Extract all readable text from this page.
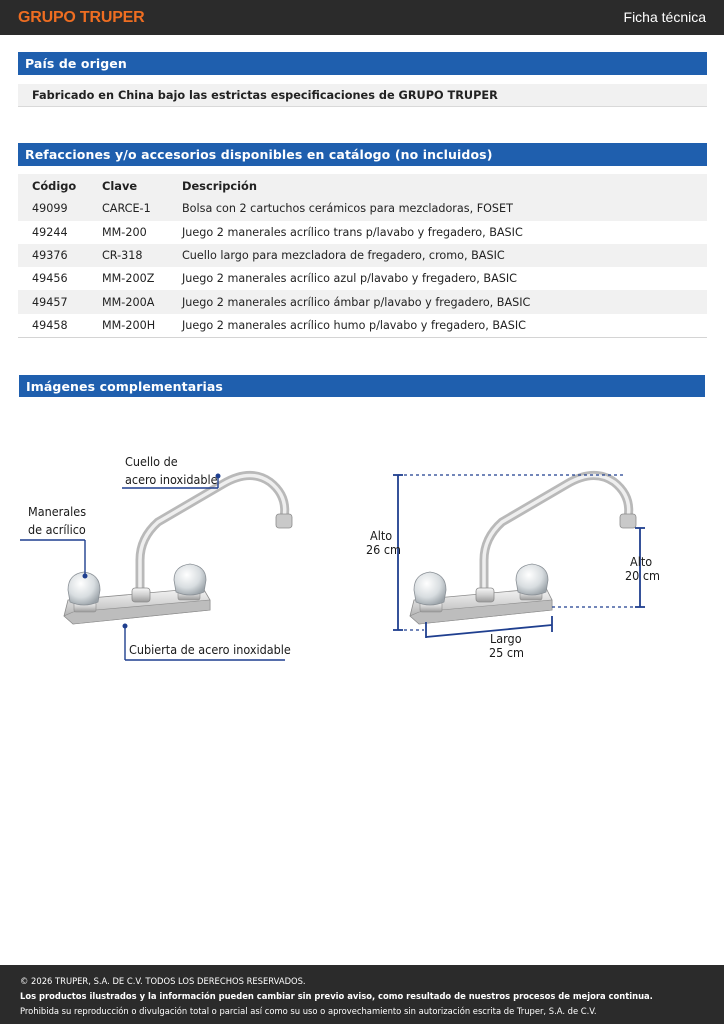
GRUPO TRUPER	Ficha técnica
País de origen
Fabricado en China bajo las estrictas especificaciones de GRUPO TRUPER
Refacciones y/o accesorios disponibles en catálogo (no incluidos)
Código	Clave	Descripción
49099	CARCE-1	Bolsa con 2 cartuchos cerámicos para mezcladoras, FOSET
49244	MM-200	Juego 2 manerales acrílico trans p/lavabo y fregadero, BASIC
49376	CR-318	Cuello largo para mezcladora de fregadero, cromo, BASIC
49456	MM-200Z	Juego 2 manerales acrílico azul p/lavabo y fregadero, BASIC
49457	MM-200A	Juego 2 manerales acrílico ámbar p/lavabo y fregadero, BASIC
49458	MM-200H	Juego 2 manerales acrílico humo p/lavabo y fregadero, BASIC
Imágenes complementarias
Cuello de
acero inoxidable
Manerales
de acrílico
Cubierta de acero inoxidable
Alto
26 cm
Alto
20 cm
Largo
25 cm
© 2026 TRUPER, S.A. DE C.V. TODOS LOS DERECHOS RESERVADOS.
Los productos ilustrados y la información pueden cambiar sin previo aviso, como resultado de nuestros procesos de mejora continua.
Prohibida su reproducción o divulgación total o parcial así como su uso o aprovechamiento sin autorización escrita de Truper, S.A. de C.V.
